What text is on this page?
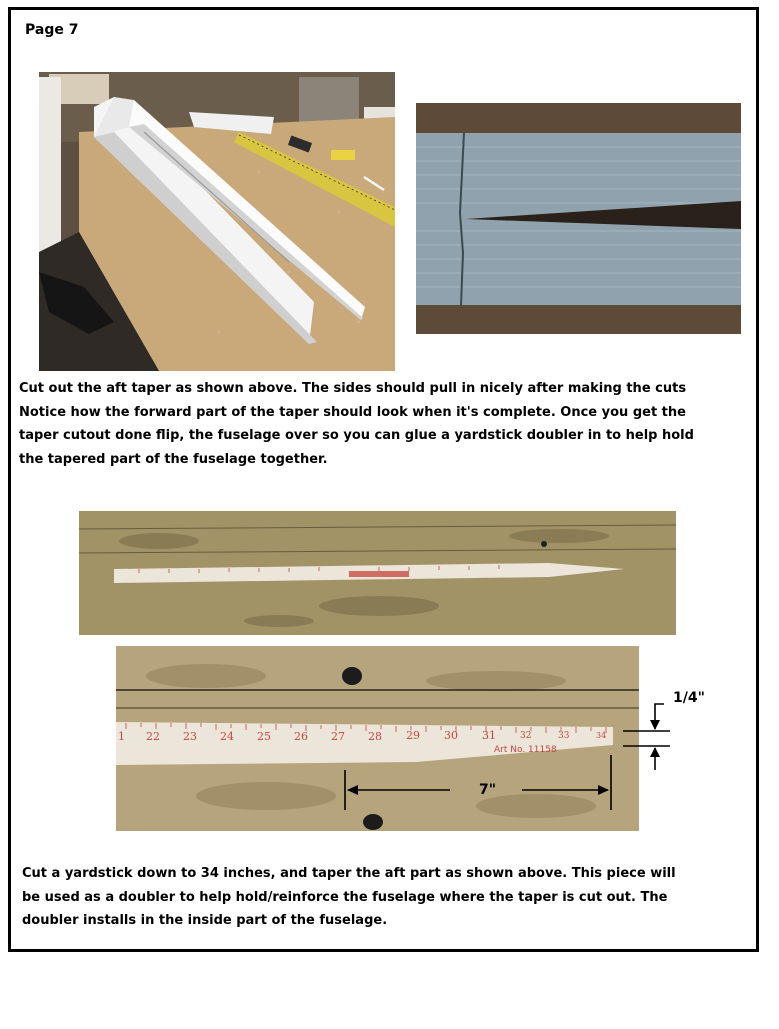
Page 7

Cut out the aft taper as shown above. The sides should pull in nicely after making the cuts
Notice how the forward part of the taper should look when it's complete. Once you get the
taper cutout done flip, the fuselage over so you can glue a yardstick doubler in to help hold
the tapered part of the fuselage together.

1 22 23 24 25 26 27 28 29 30 31	32	33	34
Art No. 11158
1/4"
7"

Cut a yardstick down to 34 inches, and taper the aft part as shown above. This piece will
be used as a doubler to help hold/reinforce the fuselage where the taper is cut out. The
doubler installs in the inside part of the fuselage.
